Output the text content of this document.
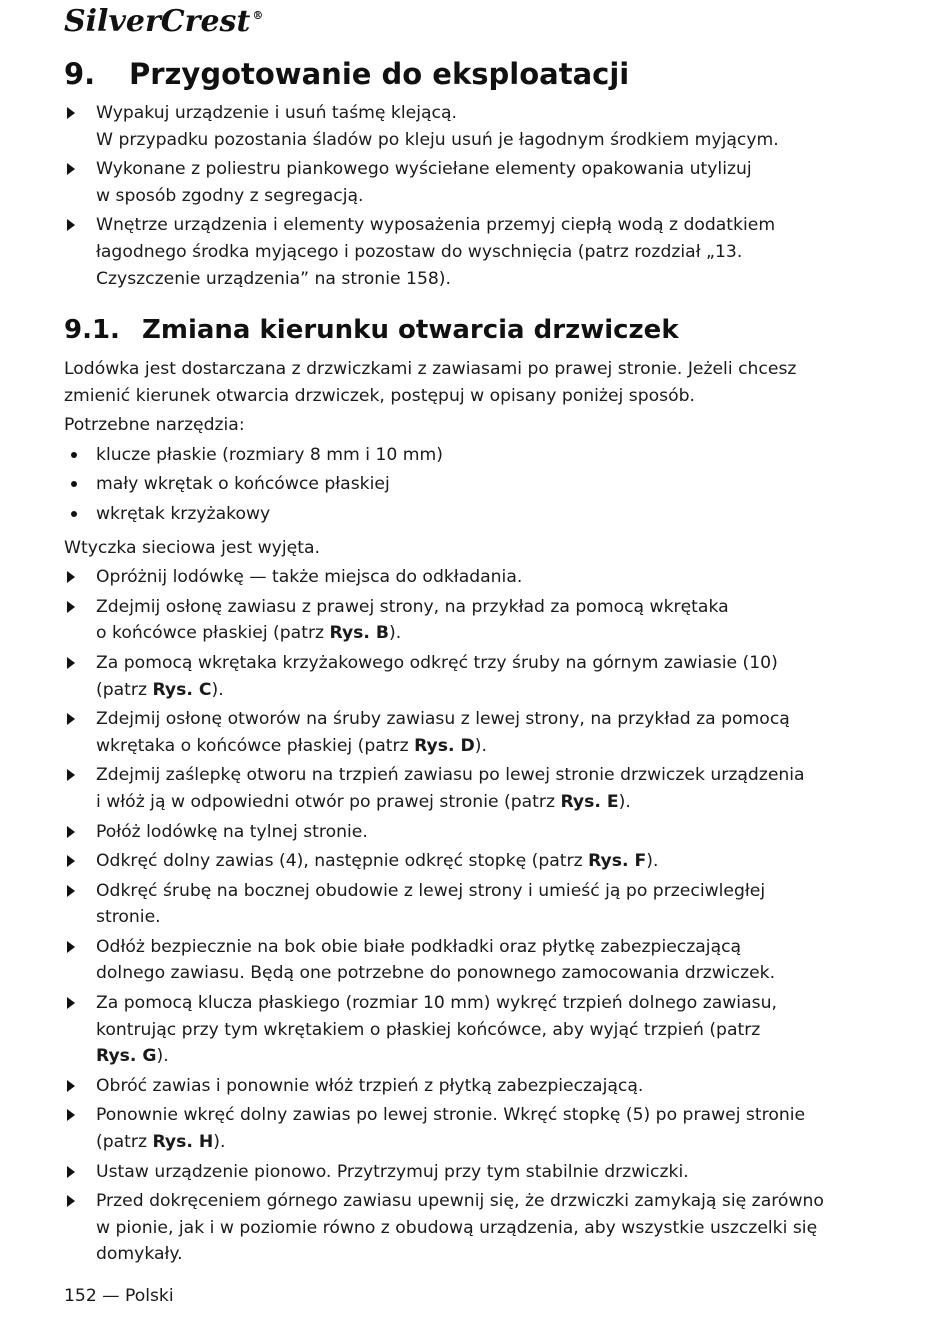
SilverCrest ®
9. Przygotowanie do eksploatacji
Wypakuj urządzenie i usuń taśmę klejącą.
W przypadku pozostania śladów po kleju usuń je łagodnym środkiem myjącym.
Wykonane z poliestru piankowego wyściełane elementy opakowania utylizuj
w sposób zgodny z segregacją.
Wnętrze urządzenia i elementy wyposażenia przemyj ciepłą wodą z dodatkiem
łagodnego środka myjącego i pozostaw do wyschnięcia (patrz rozdział „13.
Czyszczenie urządzenia” na stronie 158).
9.1. Zmiana kierunku otwarcia drzwiczek
Lodówka jest dostarczana z drzwiczkami z zawiasami po prawej stronie. Jeżeli chcesz
zmienić kierunek otwarcia drzwiczek, postępuj w opisany poniżej sposób.
Potrzebne narzędzia:
klucze płaskie (rozmiary 8 mm i 10 mm)
mały wkrętak o końcówce płaskiej
wkrętak krzyżakowy
Wtyczka sieciowa jest wyjęta.
Opróżnij lodówkę — także miejsca do odkładania.
Zdejmij osłonę zawiasu z prawej strony, na przykład za pomocą wkrętaka
o końcówce płaskiej (patrz Rys. B).
Za pomocą wkrętaka krzyżakowego odkręć trzy śruby na górnym zawiasie (10)
(patrz Rys. C).
Zdejmij osłonę otworów na śruby zawiasu z lewej strony, na przykład za pomocą
wkrętaka o końcówce płaskiej (patrz Rys. D).
Zdejmij zaślepkę otworu na trzpień zawiasu po lewej stronie drzwiczek urządzenia
i włóż ją w odpowiedni otwór po prawej stronie (patrz Rys. E).
Połóż lodówkę na tylnej stronie.
Odkręć dolny zawias (4), następnie odkręć stopkę (patrz Rys. F).
Odkręć śrubę na bocznej obudowie z lewej strony i umieść ją po przeciwległej
stronie.
Odłóż bezpiecznie na bok obie białe podkładki oraz płytkę zabezpieczającą
dolnego zawiasu. Będą one potrzebne do ponownego zamocowania drzwiczek.
Za pomocą klucza płaskiego (rozmiar 10 mm) wykręć trzpień dolnego zawiasu,
kontrując przy tym wkrętakiem o płaskiej końcówce, aby wyjąć trzpień (patrz
Rys. G).
Obróć zawias i ponownie włóż trzpień z płytką zabezpieczającą.
Ponownie wkręć dolny zawias po lewej stronie. Wkręć stopkę (5) po prawej stronie
(patrz Rys. H).
Ustaw urządzenie pionowo. Przytrzymuj przy tym stabilnie drzwiczki.
Przed dokręceniem górnego zawiasu upewnij się, że drzwiczki zamykają się zarówno
w pionie, jak i w poziomie równo z obudową urządzenia, aby wszystkie uszczelki się
domykały.
152 — Polski
